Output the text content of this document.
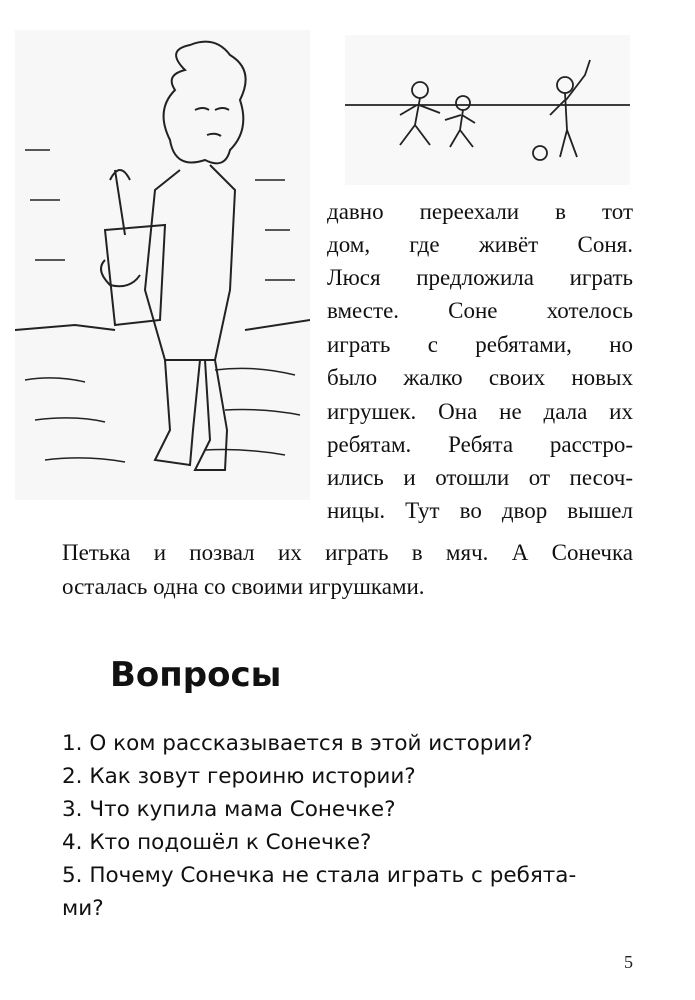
давно переехали в тот
дом, где живёт Соня.
Люся предложила играть
вместе. Соне хотелось
играть с ребятами, но
было жалко своих новых
игрушек. Она не дала их
ребятам. Ребята расстро-
ились и отошли от песоч-
ницы. Тут во двор вышел
Петька и позвал их играть в мяч. А Сонечка
осталась одна со своими игрушками.
Вопросы
1. О ком рассказывается в этой истории?
2. Как зовут героиню истории?
3. Что купила мама Сонечке?
4. Кто подошёл к Сонечке?
5. Почему Сонечка не стала играть с ребята-
ми?
5
